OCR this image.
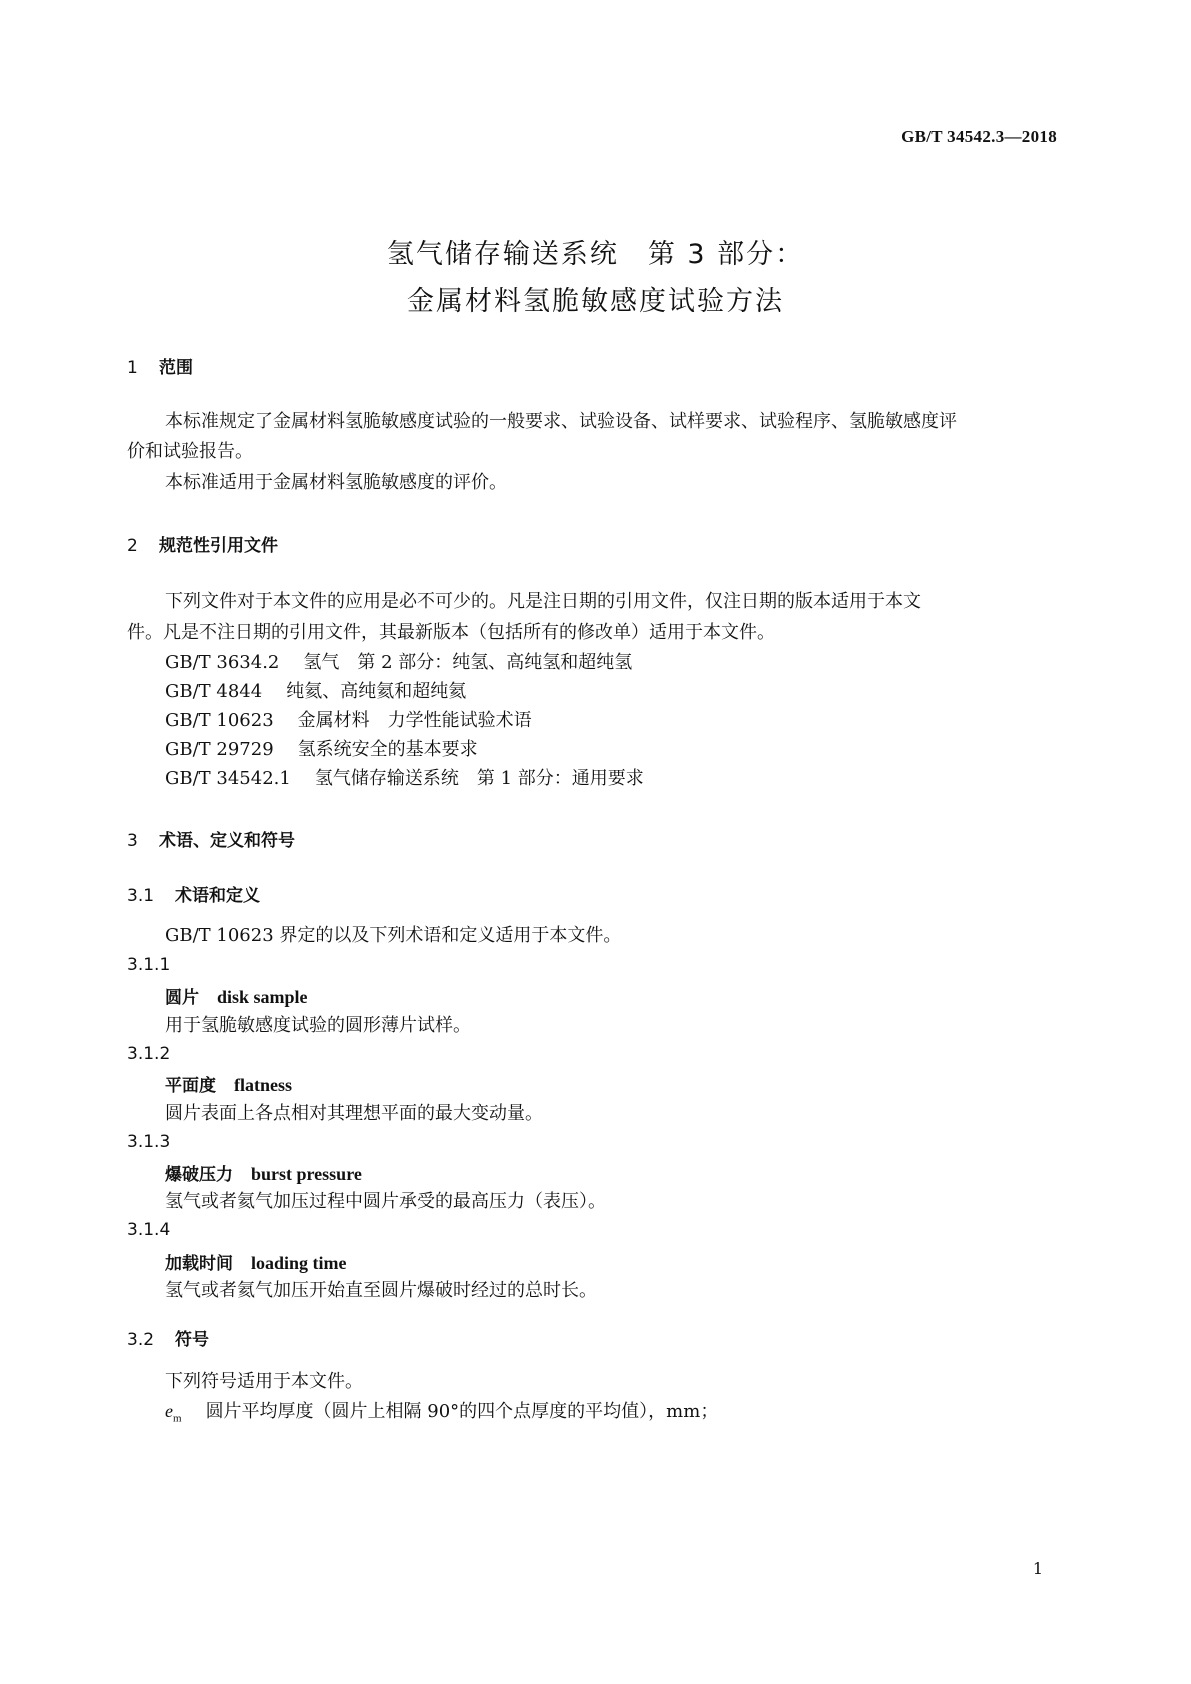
GB/T 34542.3—2018
氢气储存输送系统　第 3 部分：
金属材料氢脆敏感度试验方法
1 范围
本标准规定了金属材料氢脆敏感度试验的一般要求、试验设备、试样要求、试验程序、氢脆敏感度评
价和试验报告。
本标准适用于金属材料氢脆敏感度的评价。
2 规范性引用文件
下列文件对于本文件的应用是必不可少的。凡是注日期的引用文件，仅注日期的版本适用于本文
件。凡是不注日期的引用文件，其最新版本（包括所有的修改单）适用于本文件。
GB/T 3634.2 氢气　第 2 部分：纯氢、高纯氢和超纯氢
GB/T 4844 纯氦、高纯氦和超纯氦
GB/T 10623 金属材料　力学性能试验术语
GB/T 29729 氢系统安全的基本要求
GB/T 34542.1 氢气储存输送系统　第 1 部分：通用要求
3 术语、定义和符号
3.1 术语和定义
GB/T 10623 界定的以及下列术语和定义适用于本文件。
3.1.1
圆片 disk sample
用于氢脆敏感度试验的圆形薄片试样。
3.1.2
平面度 flatness
圆片表面上各点相对其理想平面的最大变动量。
3.1.3
爆破压力 burst pressure
氢气或者氦气加压过程中圆片承受的最高压力（表压）。
3.1.4
加载时间 loading time
氢气或者氦气加压开始直至圆片爆破时经过的总时长。
3.2 符号
下列符号适用于本文件。
$e_m$ 圆片平均厚度（圆片上相隔 90°的四个点厚度的平均值），mm；
1
